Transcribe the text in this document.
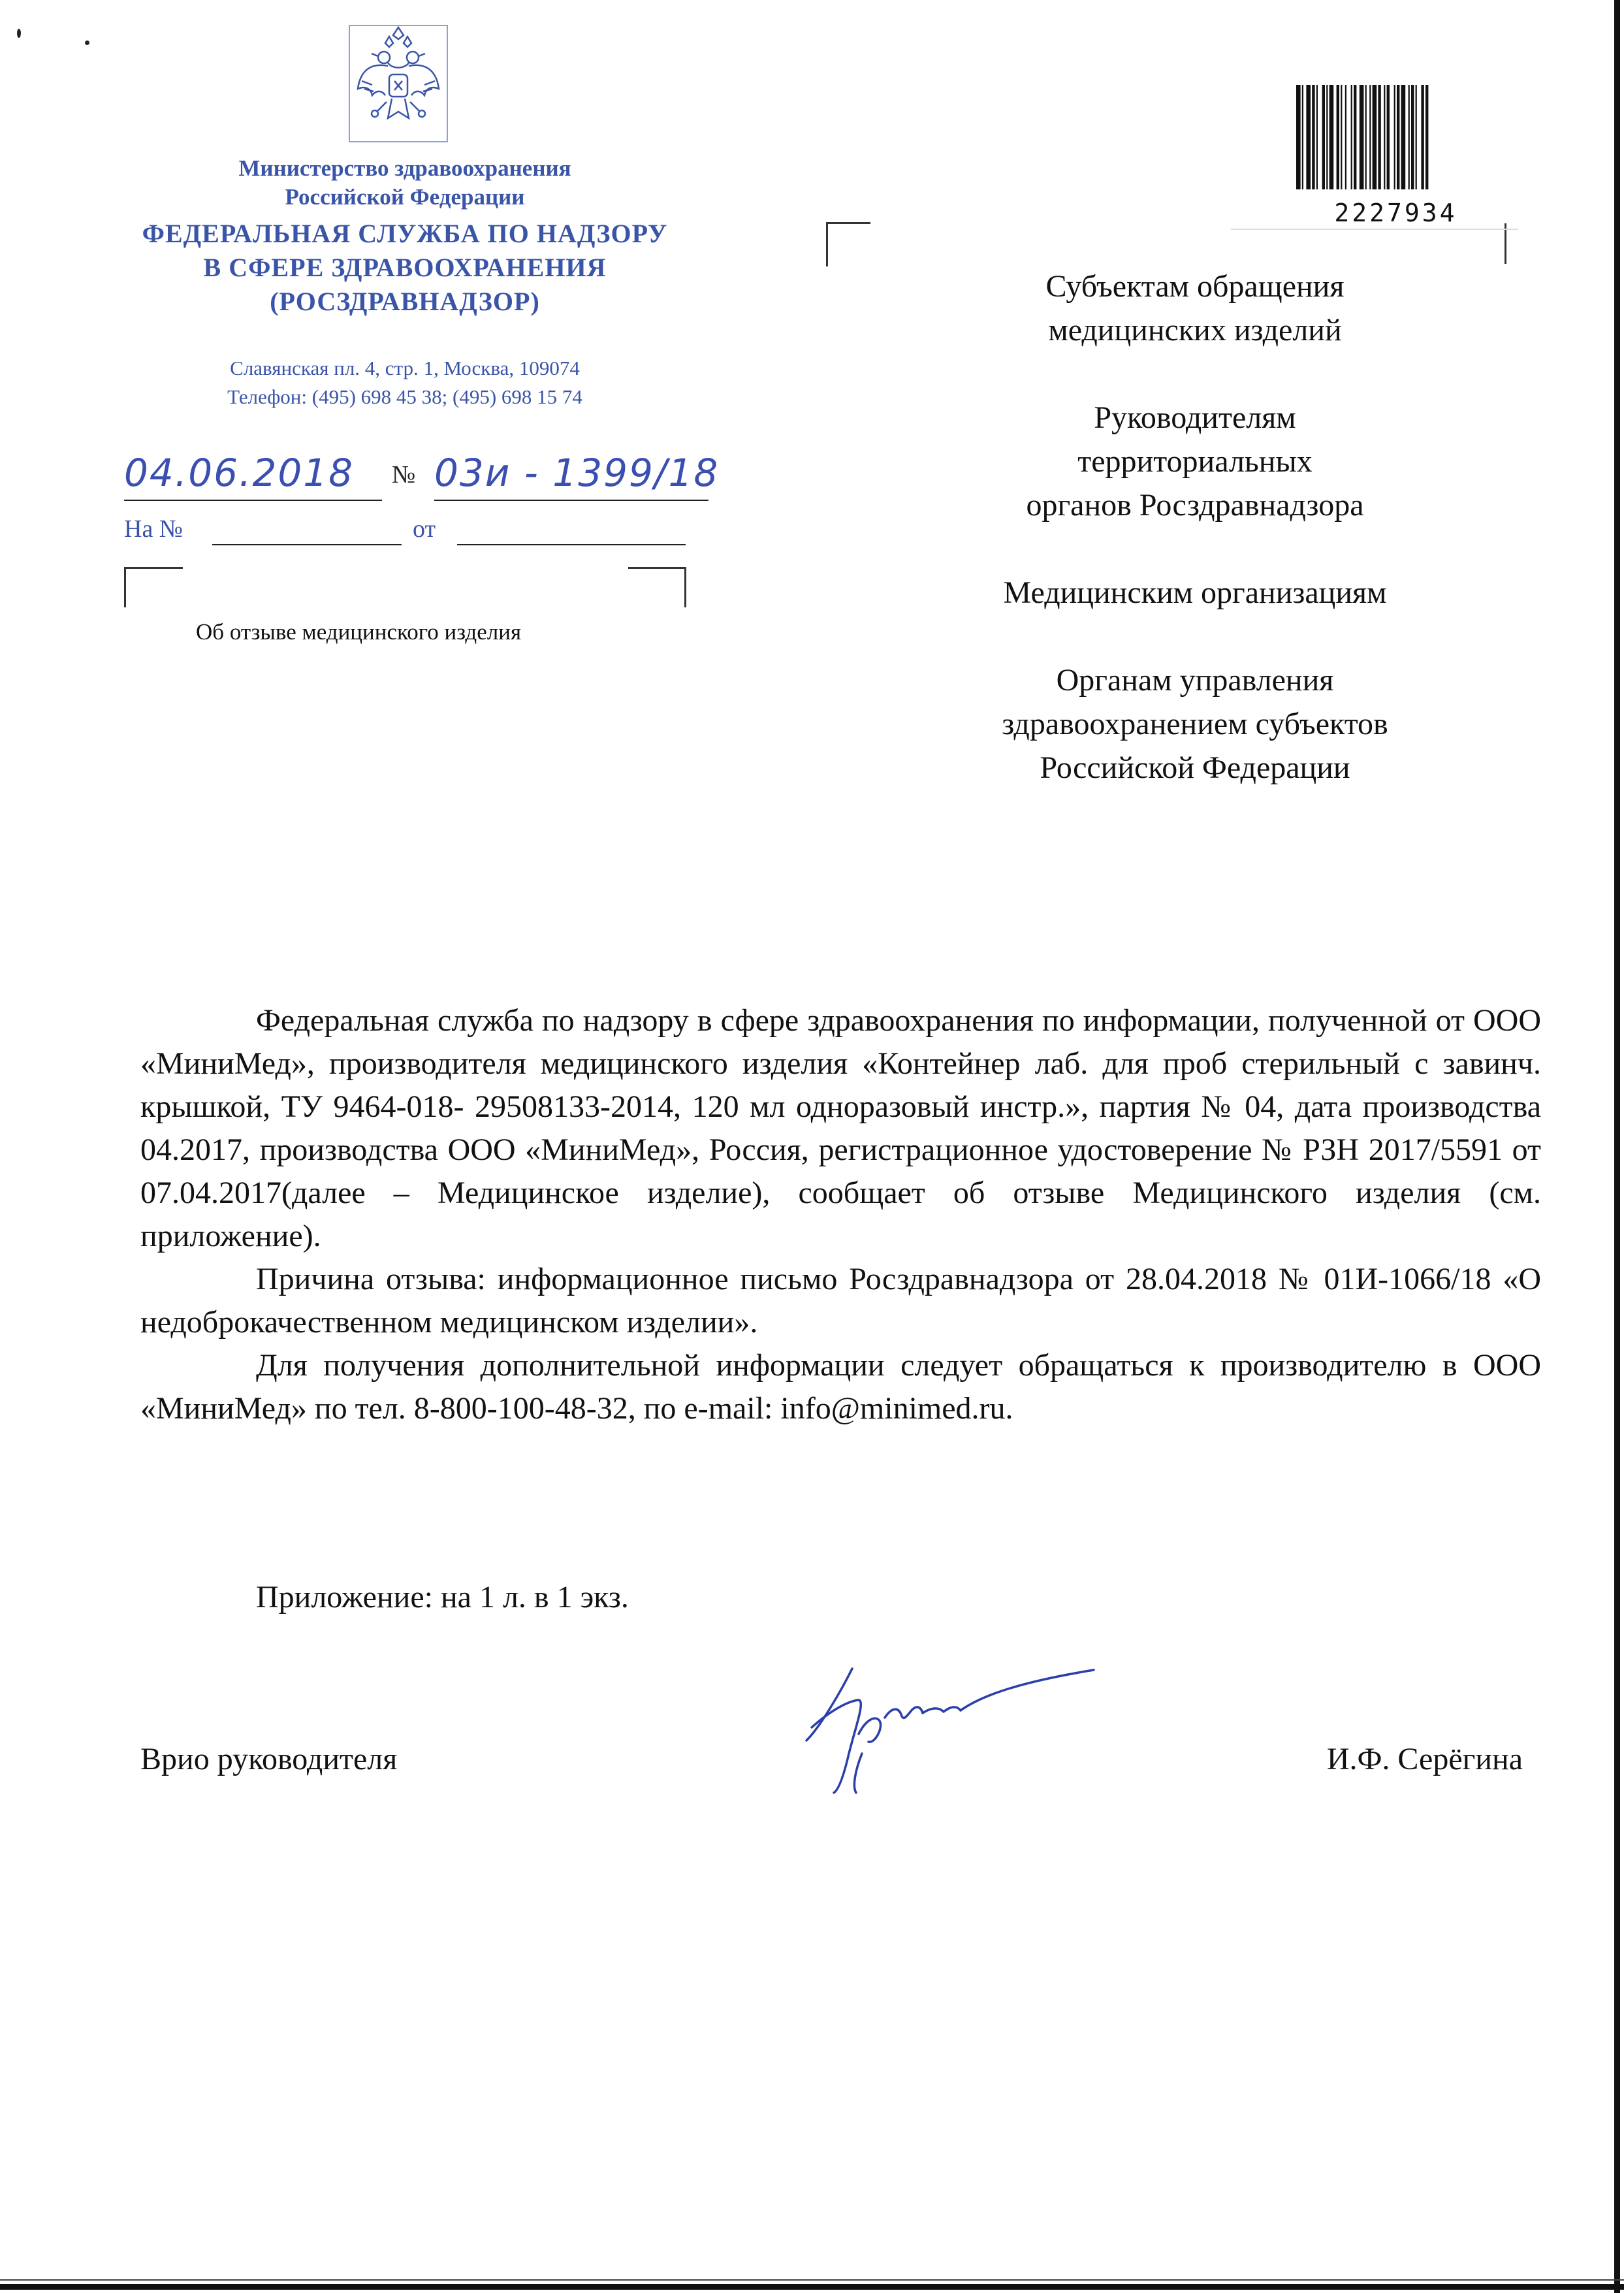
Министерство здравоохранения
Российской Федерации
ФЕДЕРАЛЬНАЯ СЛУЖБА ПО НАДЗОРУ
В СФЕРЕ ЗДРАВООХРАНЕНИЯ
(РОСЗДРАВНАДЗОР)
Славянская пл. 4, стр. 1, Москва, 109074
Телефон: (495) 698 45 38; (495) 698 15 74
04.06.2018 № 03и - 1399/18
На №	от
Об отзыве медицинского изделия
2227934
Субъектам обращения
медицинских изделий
Руководителям
территориальных
органов Росздравнадзора
Медицинским организациям
Органам управления
здравоохранением субъектов
Российской Федерации

Федеральная служба по надзору в сфере здравоохранения по информации, полученной от ООО «МиниМед», производителя медицинского изделия «Контейнер лаб. для проб стерильный с завинч. крышкой, ТУ 9464-018- 29508133-2014, 120 мл одноразовый инстр.», партия № 04, дата производства 04.2017, производства ООО «МиниМед», Россия, регистрационное удостоверение № РЗН 2017/5591 от 07.04.2017(далее – Медицинское изделие), сообщает об отзыве Медицинского изделия (см. приложение).

Причина отзыва: информационное письмо Росздравнадзора от 28.04.2018 № 01И-1066/18 «О недоброкачественном медицинском изделии».

Для получения дополнительной информации следует обращаться к производителю в ООО «МиниМед» по тел. 8-800-100-48-32, по e-mail: info@minimed.ru.

Приложение: на 1 л. в 1 экз.
Врио руководителя	И.Ф. Серёгина
